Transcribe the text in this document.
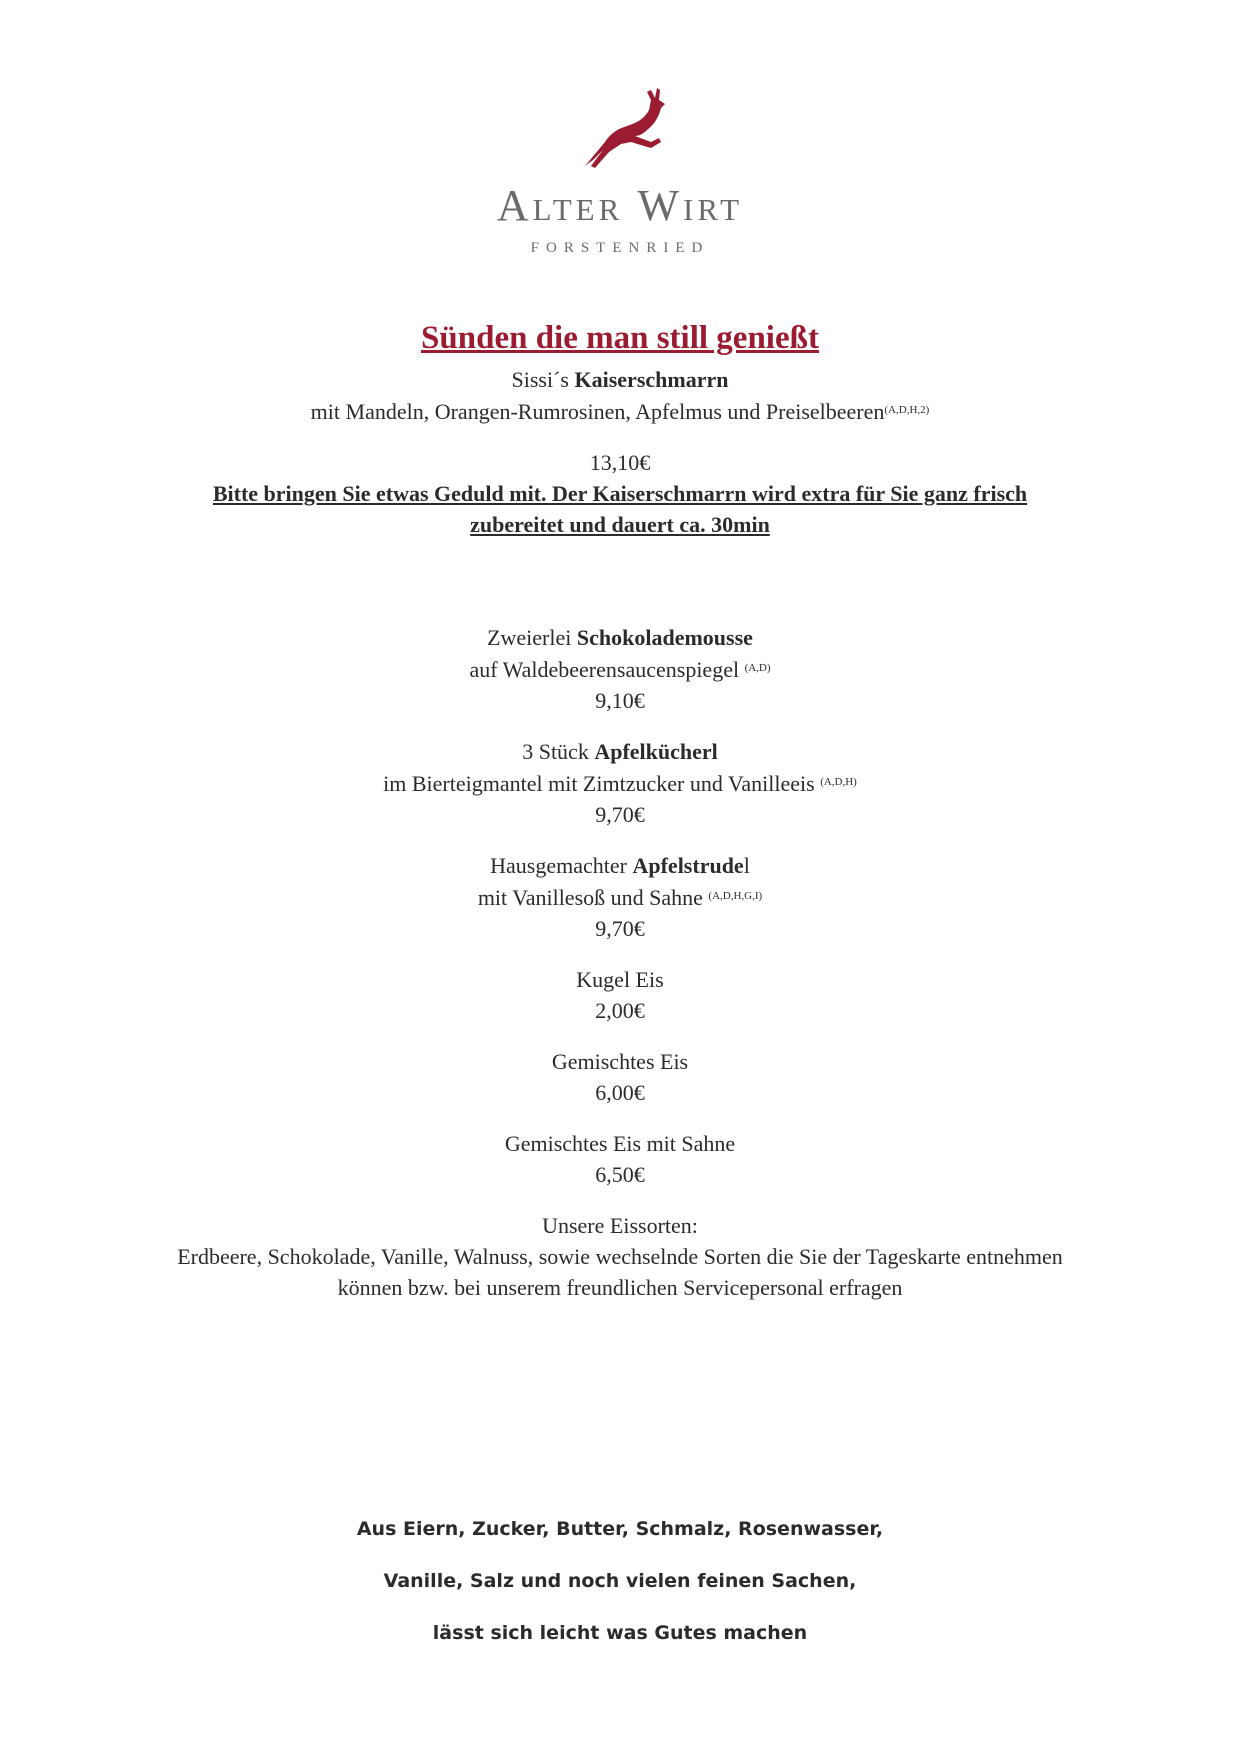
Alter Wirt
FORSTENRIED
Sünden die man still genießt
Sissi´s Kaiserschmarrn
mit Mandeln, Orangen-Rumrosinen, Apfelmus und Preiselbeeren$^{(A,D,H,2)}$
13,10€
Bitte bringen Sie etwas Geduld mit. Der Kaiserschmarrn wird extra für Sie ganz frisch zubereitet und dauert ca. 30min
Zweierlei Schokolademousse
auf Waldebeerensaucenspiegel $^{(A,D)}$
9,10€
3 Stück Apfelkücherl
im Bierteigmantel mit Zimtzucker und Vanilleeis $^{(A,D,H)}$
9,70€
Hausgemachter Apfelstrudel
mit Vanillesoß und Sahne $^{(A,D,H,G,I)}$
9,70€
Kugel Eis
2,00€
Gemischtes Eis
6,00€
Gemischtes Eis mit Sahne
6,50€
Unsere Eissorten:
Erdbeere, Schokolade, Vanille, Walnuss, sowie wechselnde Sorten die Sie der Tageskarte entnehmen können bzw. bei unserem freundlichen Servicepersonal erfragen
Aus Eiern, Zucker, Butter, Schmalz, Rosenwasser,
Vanille, Salz und noch vielen feinen Sachen,
lässt sich leicht was Gutes machen
